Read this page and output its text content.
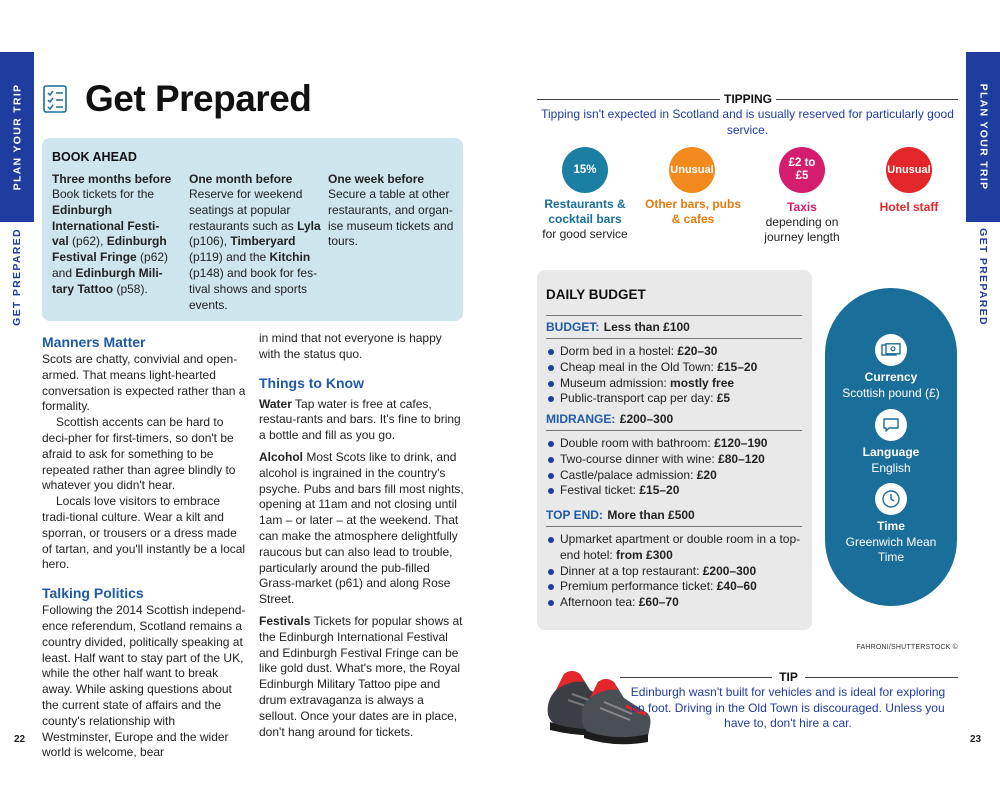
PLAN YOUR TRIP
GET PREPARED
PLAN YOUR TRIP
GET PREPARED
Get Prepared
BOOK AHEAD
Three months before
Book tickets for the
Edinburgh
International Festi-
val (p62), Edinburgh
Festival Fringe (p62)
and Edinburgh Mili-
tary Tattoo (p58).
One month before
Reserve for weekend
seatings at popular
restaurants such as Lyla
(p106), Timberyard
(p119) and the Kitchin
(p148) and book for fes-
tival shows and sports
events.
One week before
Secure a table at other
restaurants, and organ-
ise museum tickets and
tours.
Manners Matter

Scots are chatty, convivial and open-armed. That means light-hearted conversation is expected rather than a formality.

Scottish accents can be hard to deci-pher for first-timers, so don't be afraid to ask for something to be repeated rather than agree blindly to whatever you didn't hear.

Locals love visitors to embrace tradi-tional culture. Wear a kilt and sporran, or trousers or a dress made of tartan, and you'll instantly be a local hero.

Talking Politics

Following the 2014 Scottish independ-ence referendum, Scotland remains a country divided, politically speaking at least. Half want to stay part of the UK, while the other half want to break away. While asking questions about the current state of affairs and the county's relationship with Westminster, Europe and the wider world is welcome, bear

in mind that not everyone is happy with the status quo.

Things to Know

Water Tap water is free at cafes, restau-rants and bars. It's fine to bring a bottle and fill as you go.

Alcohol Most Scots like to drink, and alcohol is ingrained in the country's psyche. Pubs and bars fill most nights, opening at 11am and not closing until 1am – or later – at the weekend. That can make the atmosphere delightfully raucous but can also lead to trouble, particularly around the pub-filled Grass-market (p61) and along Rose Street.

Festivals Tickets for popular shows at the Edinburgh International Festival and Edinburgh Festival Fringe can be like gold dust. What's more, the Royal Edinburgh Military Tattoo pipe and drum extravaganza is always a sellout. Once your dates are in place, don't hang around for tickets.

22	23
TIPPING
Tipping isn't expected in Scotland and is usually reserved for particularly good service.
15%	Unusual
£2 to £5
Unusual
Restaurants & cocktail bars
for good service
Other bars, pubs & cafes
Taxis
depending on journey length
Hotel staff
DAILY BUDGET
BUDGET: Less than £100
Dorm bed in a hostel: £20–30
Cheap meal in the Old Town: £15–20
Museum admission: mostly free
Public-transport cap per day: £5
MIDRANGE: £200–300
Double room with bathroom: £120–190
Two-course dinner with wine: £80–120
Castle/palace admission: £20
Festival ticket: £15–20
TOP END: More than £500
Upmarket apartment or double room in a top-end hotel: from £300
Dinner at a top restaurant: £200–300
Premium performance ticket: £40–60
Afternoon tea: £60–70
Currency
Scottish pound (£)
Language
English
Time
Greenwich Mean Time
FAHRONI/SHUTTERSTOCK ©
TIP
Edinburgh wasn't built for vehicles and is ideal for exploring on foot. Driving in the Old Town is discouraged. Unless you have to, don't hire a car.
